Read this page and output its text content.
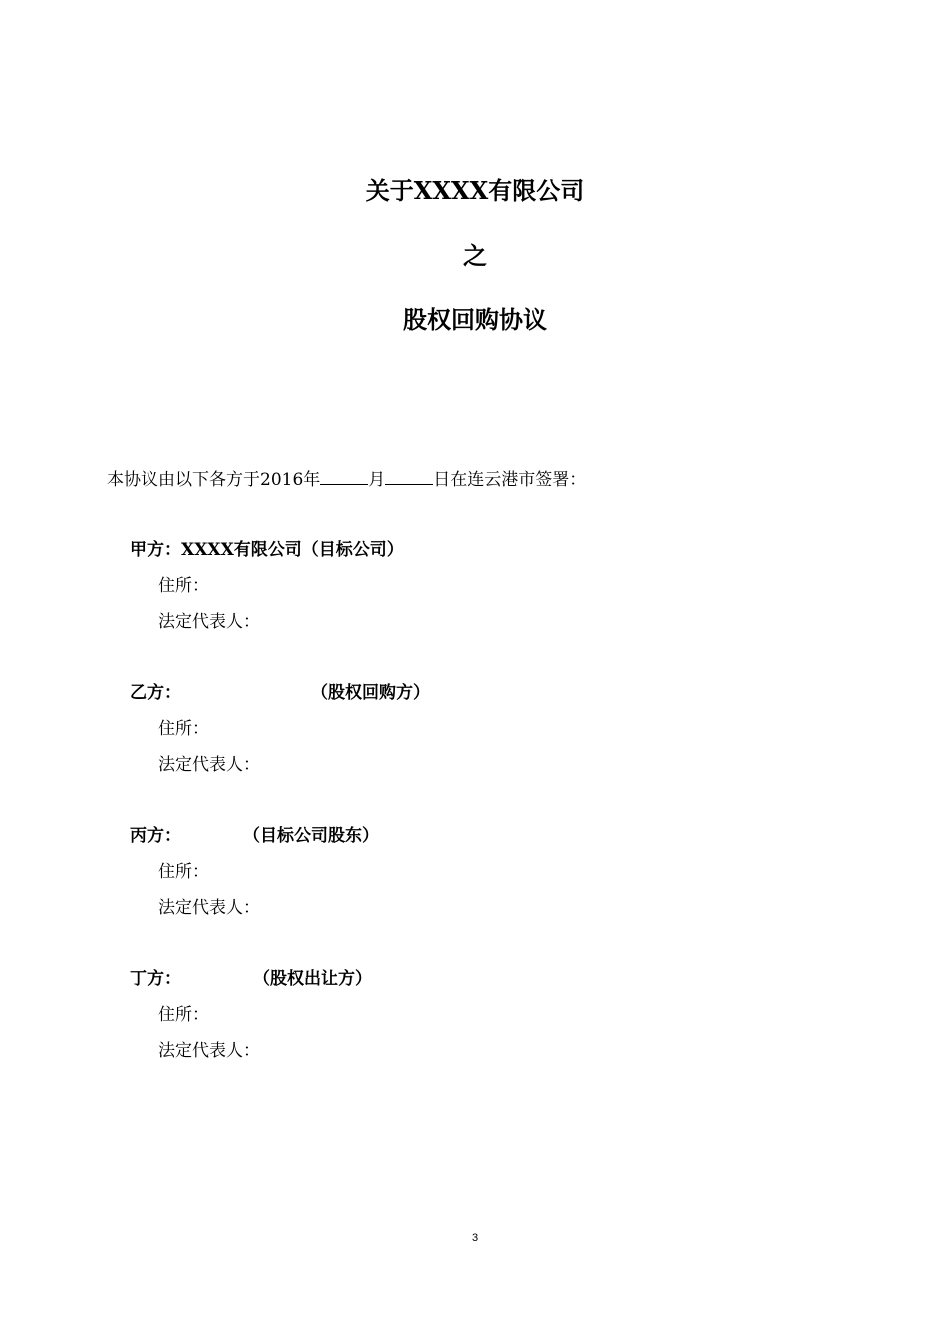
关于XXXX有限公司
之
股权回购协议
本协议由以下各方于2016年	月	日在连云港市签署：
甲方：XXXX有限公司（目标公司）
住所：
法定代表人：
乙方：	（股权回购方）
住所：
法定代表人：
丙方：	（目标公司股东）
住所：
法定代表人：
丁方：	（股权出让方）
住所：
法定代表人：
3
